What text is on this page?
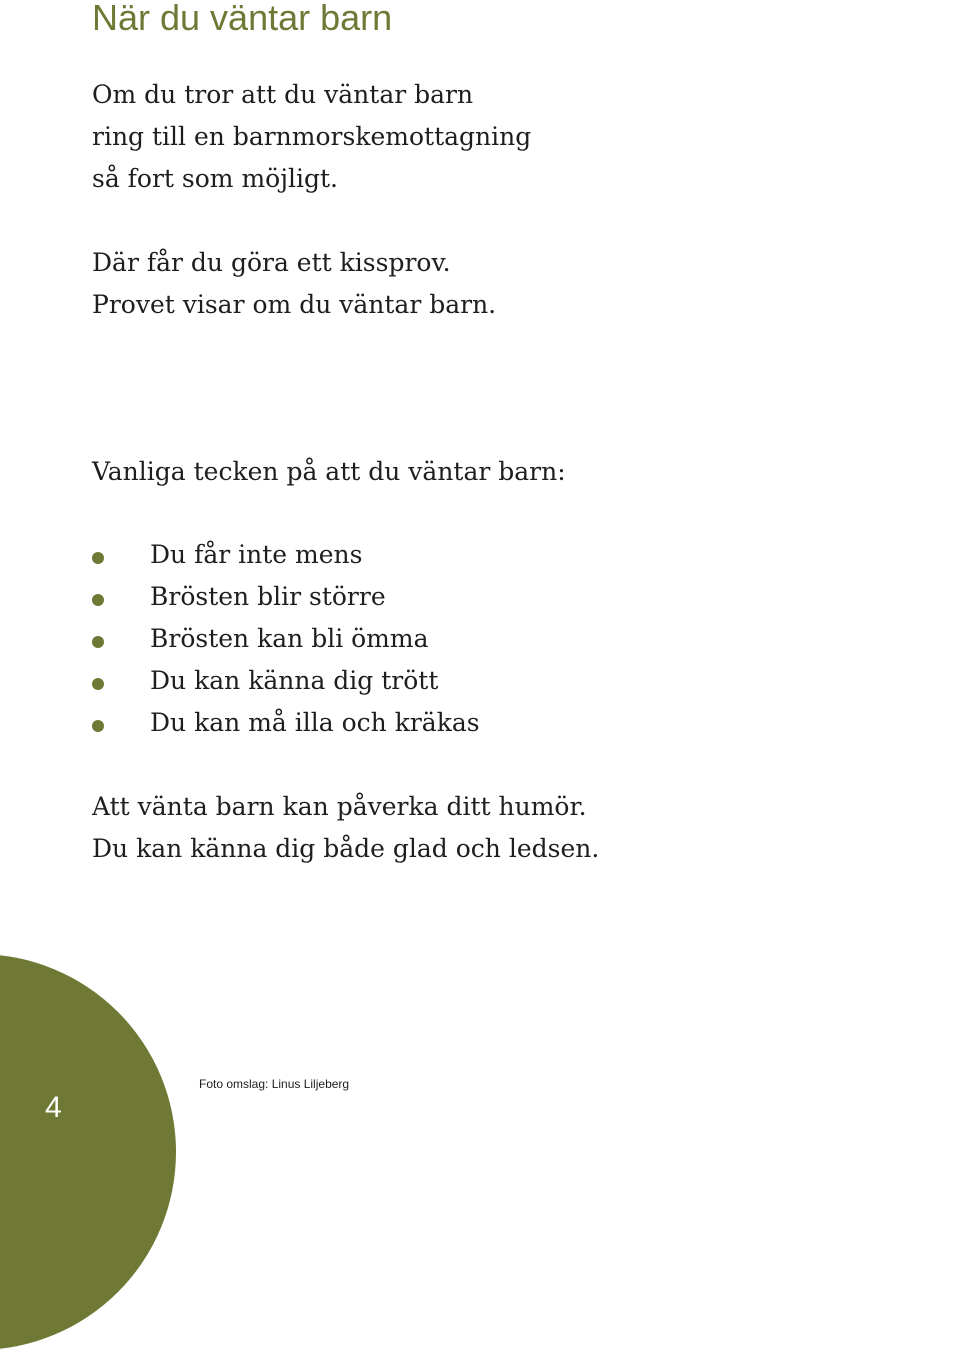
När du väntar barn

Om du tror att du väntar barn
ring till en barnmorskemottagning
så fort som möjligt.

Där får du göra ett kissprov.
Provet visar om du väntar barn.

Vanliga tecken på att du väntar barn:

Du får inte mens
Brösten blir större
Brösten kan bli ömma
Du kan känna dig trött
Du kan må illa och kräkas

Att vänta barn kan påverka ditt humör.
Du kan känna dig både glad och ledsen.

4
Foto omslag: Linus Liljeberg
